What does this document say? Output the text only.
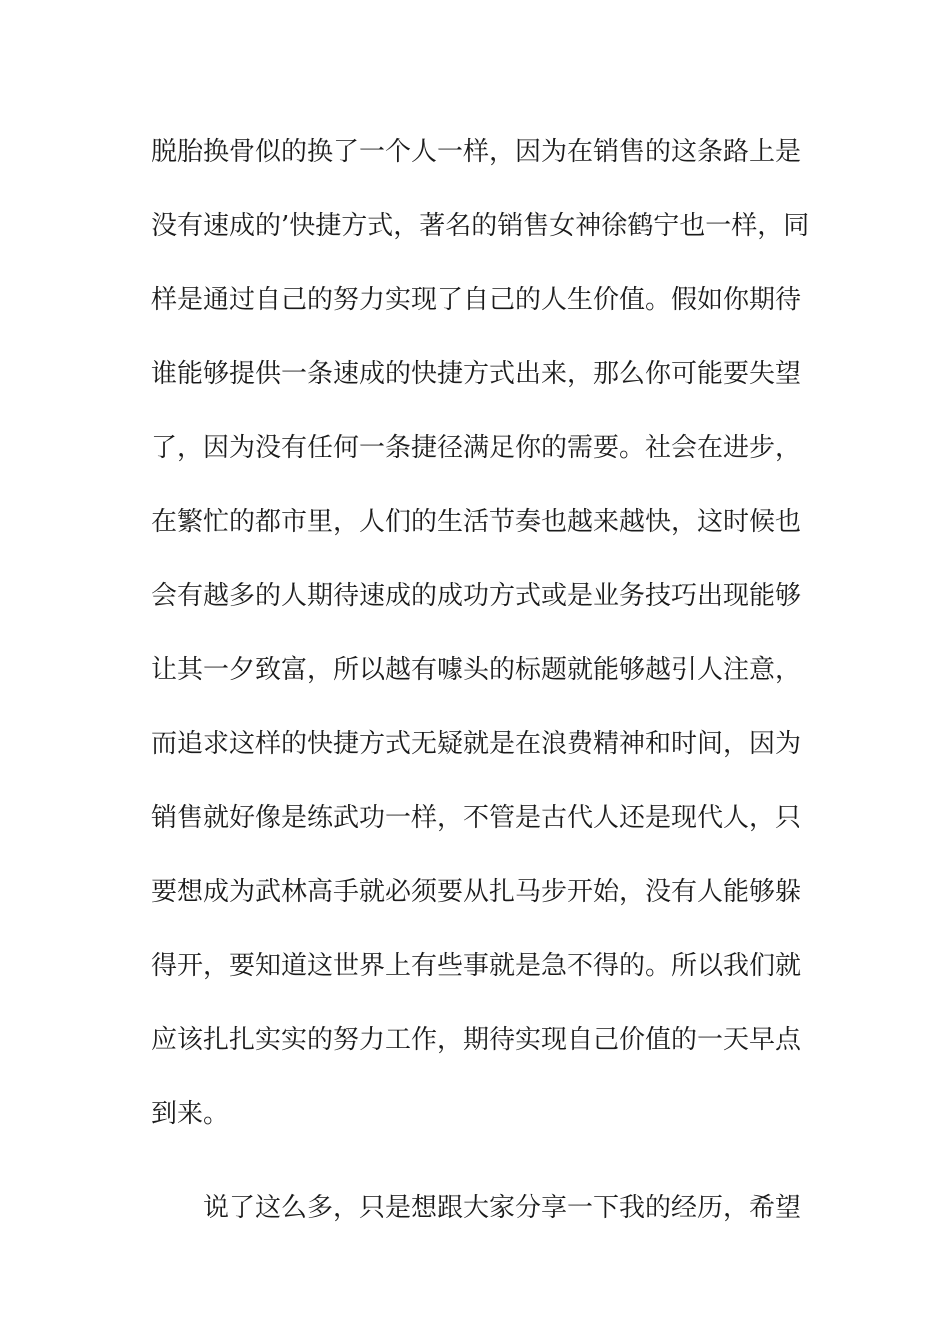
脱胎换骨似的换了一个人一样，因为在销售的这条路上是
没有速成的’快捷方式，著名的销售女神徐鹤宁也一样，同
样是通过自己的努力实现了自己的人生价值。假如你期待
谁能够提供一条速成的快捷方式出来，那么你可能要失望
了，因为没有任何一条捷径满足你的需要。社会在进步，
在繁忙的都市里，人们的生活节奏也越来越快，这时候也
会有越多的人期待速成的成功方式或是业务技巧出现能够
让其一夕致富，所以越有噱头的标题就能够越引人注意，
而追求这样的快捷方式无疑就是在浪费精神和时间，因为
销售就好像是练武功一样，不管是古代人还是现代人，只
要想成为武林高手就必须要从扎马步开始，没有人能够躲
得开，要知道这世界上有些事就是急不得的。所以我们就
应该扎扎实实的努力工作，期待实现自己价值的一天早点
到来。
说了这么多，只是想跟大家分享一下我的经历，希望
